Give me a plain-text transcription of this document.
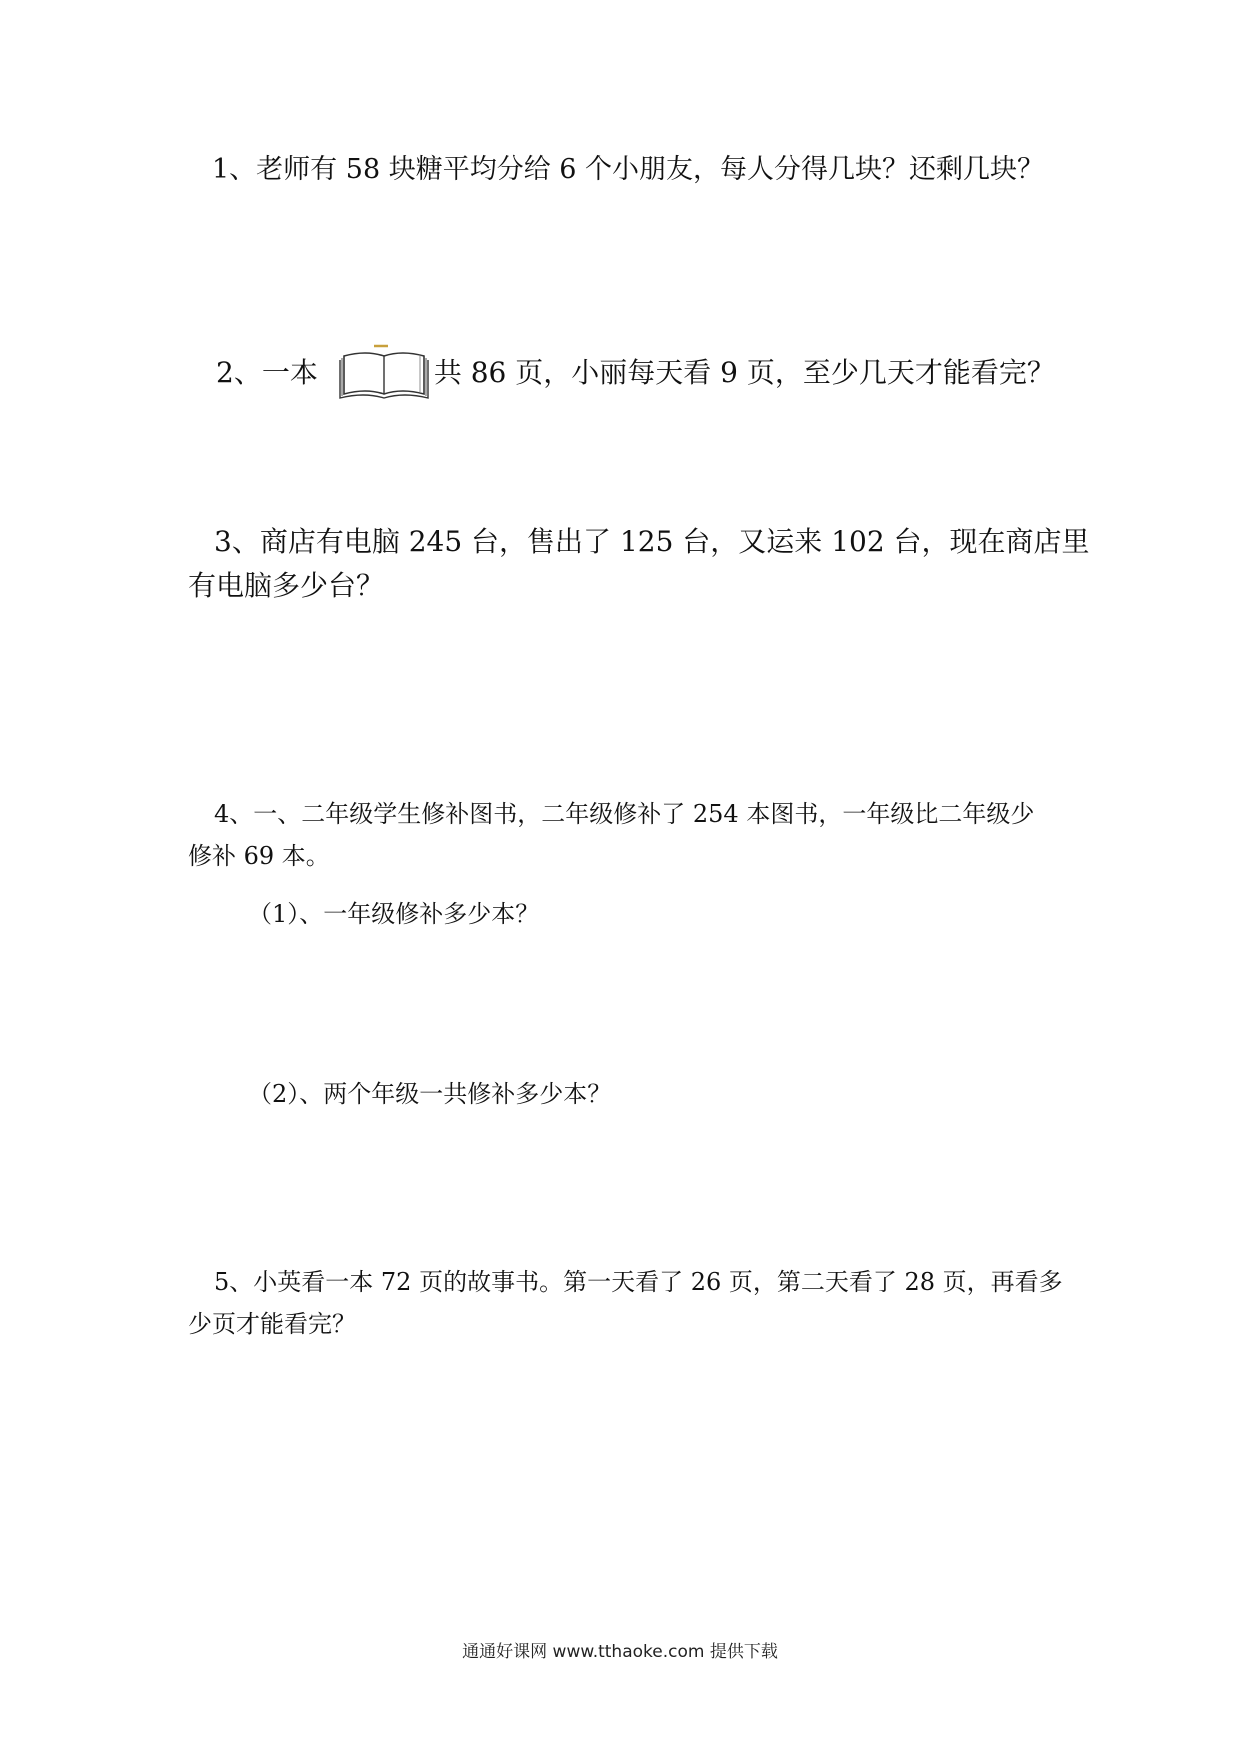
1、老师有 58 块糖平均分给 6 个小朋友，每人分得几块？还剩几块？
2、一本	共 86 页，小丽每天看 9 页，至少几天才能看完？
3、商店有电脑 245 台，售出了 125 台，又运来 102 台，现在商店里
有电脑多少台？
4、一、二年级学生修补图书，二年级修补了 254 本图书，一年级比二年级少
修补 69 本。
（1）、一年级修补多少本？
（2）、两个年级一共修补多少本？
5、小英看一本 72 页的故事书。第一天看了 26 页，第二天看了 28 页，再看多
少页才能看完？
通通好课网 www.tthaoke.com 提供下载
